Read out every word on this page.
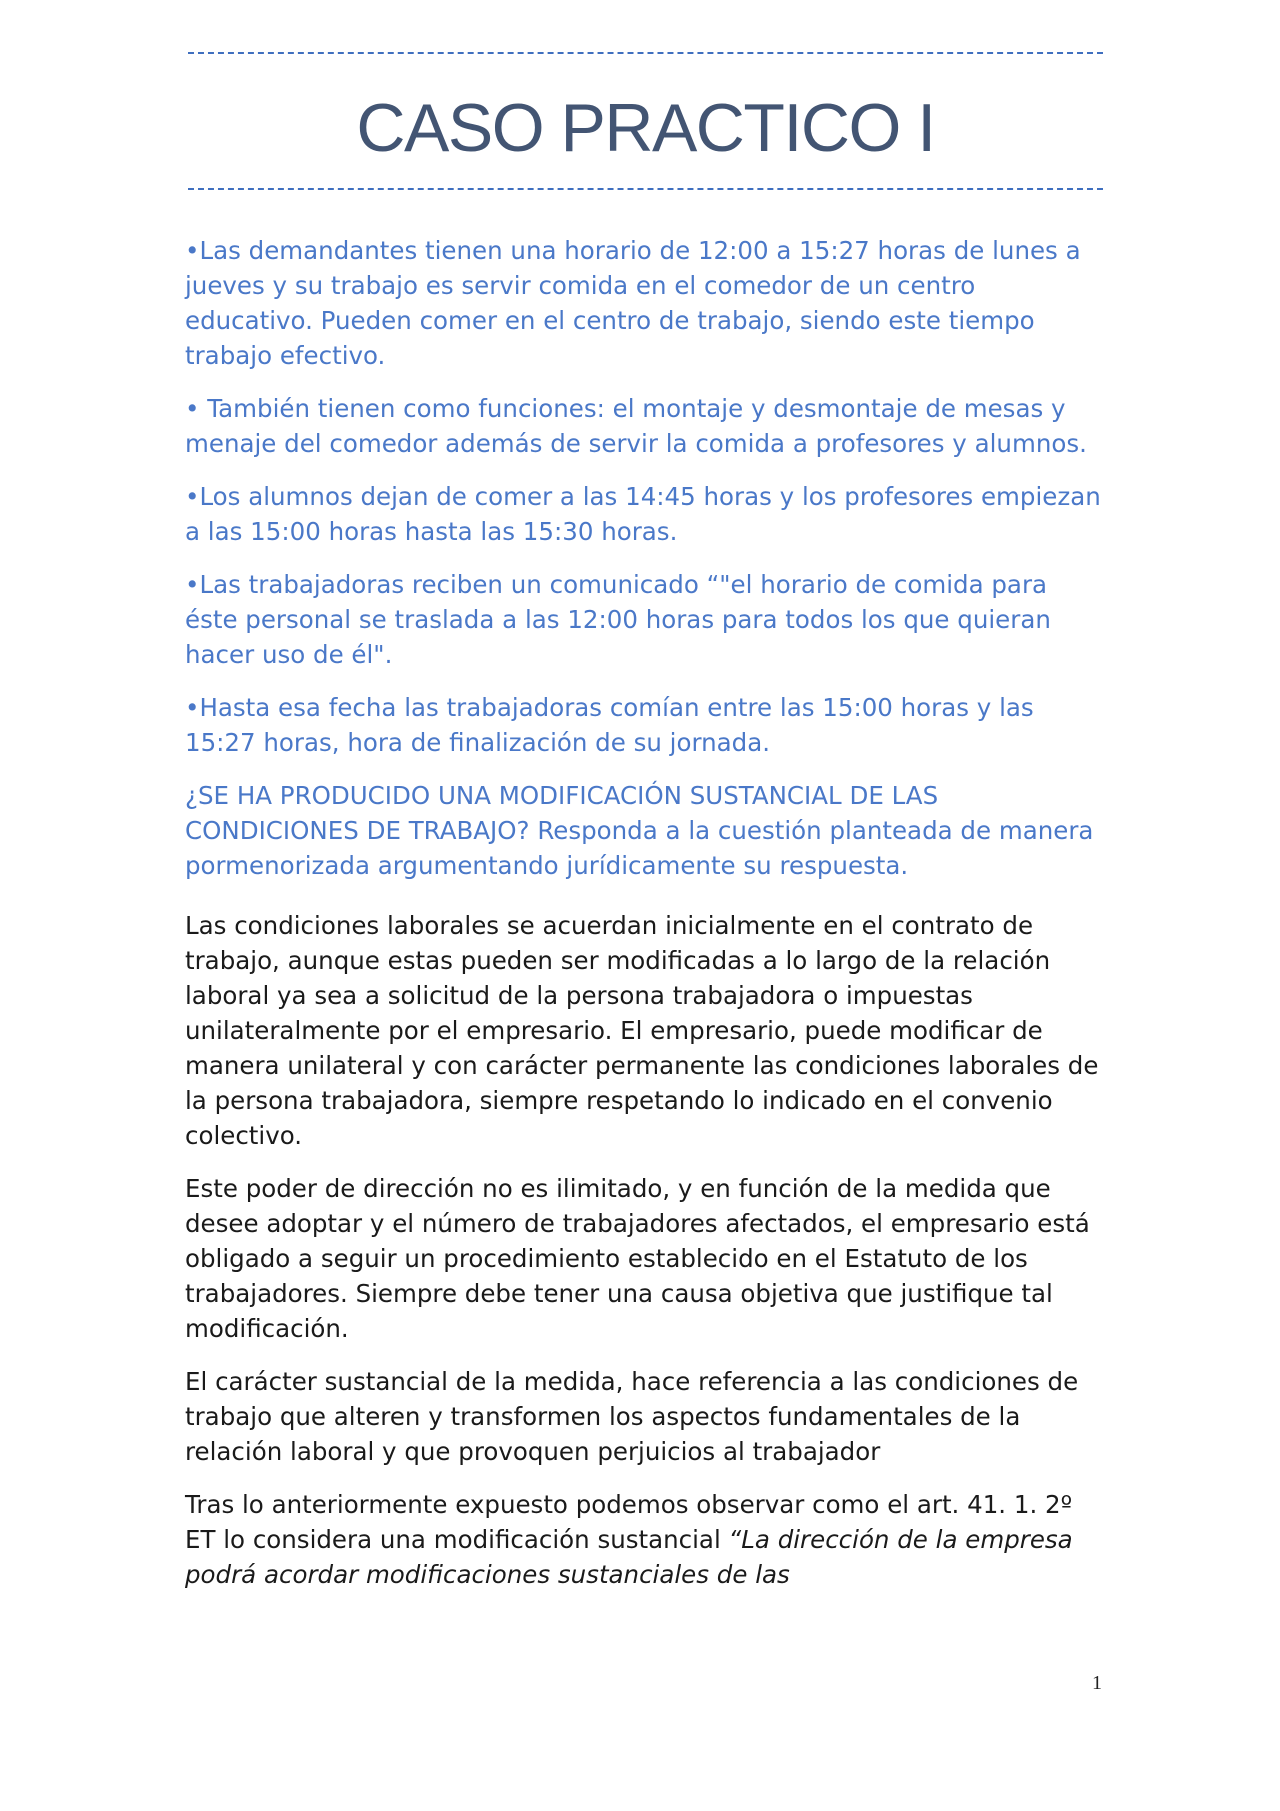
CASO PRACTICO I

•Las demandantes tienen una horario de 12:00 a 15:27 horas de lunes a jueves y su trabajo es servir comida en el comedor de un centro educativo. Pueden comer en el centro de trabajo, siendo este tiempo trabajo efectivo.

• También tienen como funciones: el montaje y desmontaje de mesas y menaje del comedor además de servir la comida a profesores y alumnos.

•Los alumnos dejan de comer a las 14:45 horas y los profesores empiezan a las 15:00 horas hasta las 15:30 horas.

•Las trabajadoras reciben un comunicado “"el horario de comida para éste personal se traslada a las 12:00 horas para todos los que quieran hacer uso de él".

•Hasta esa fecha las trabajadoras comían entre las 15:00 horas y las 15:27 horas, hora de finalización de su jornada.

¿SE HA PRODUCIDO UNA MODIFICACIÓN SUSTANCIAL DE LAS CONDICIONES DE TRABAJO? Responda a la cuestión planteada de manera pormenorizada argumentando jurídicamente su respuesta.

Las condiciones laborales se acuerdan inicialmente en el contrato de trabajo, aunque estas pueden ser modificadas a lo largo de la relación laboral ya sea a solicitud de la persona trabajadora o impuestas unilateralmente por el empresario. El empresario, puede modificar de manera unilateral y con carácter permanente las condiciones laborales de la persona trabajadora, siempre respetando lo indicado en el convenio colectivo.

Este poder de dirección no es ilimitado, y en función de la medida que desee adoptar y el número de trabajadores afectados, el empresario está obligado a seguir un procedimiento establecido en el Estatuto de los trabajadores. Siempre debe tener una causa objetiva que justifique tal modificación.

El carácter sustancial de la medida, hace referencia a las condiciones de trabajo que alteren y transformen los aspectos fundamentales de la relación laboral y que provoquen perjuicios al trabajador

Tras lo anteriormente expuesto podemos observar como el art. 41. 1. 2º ET lo considera una modificación sustancial “La dirección de la empresa podrá acordar modificaciones sustanciales de las

1
